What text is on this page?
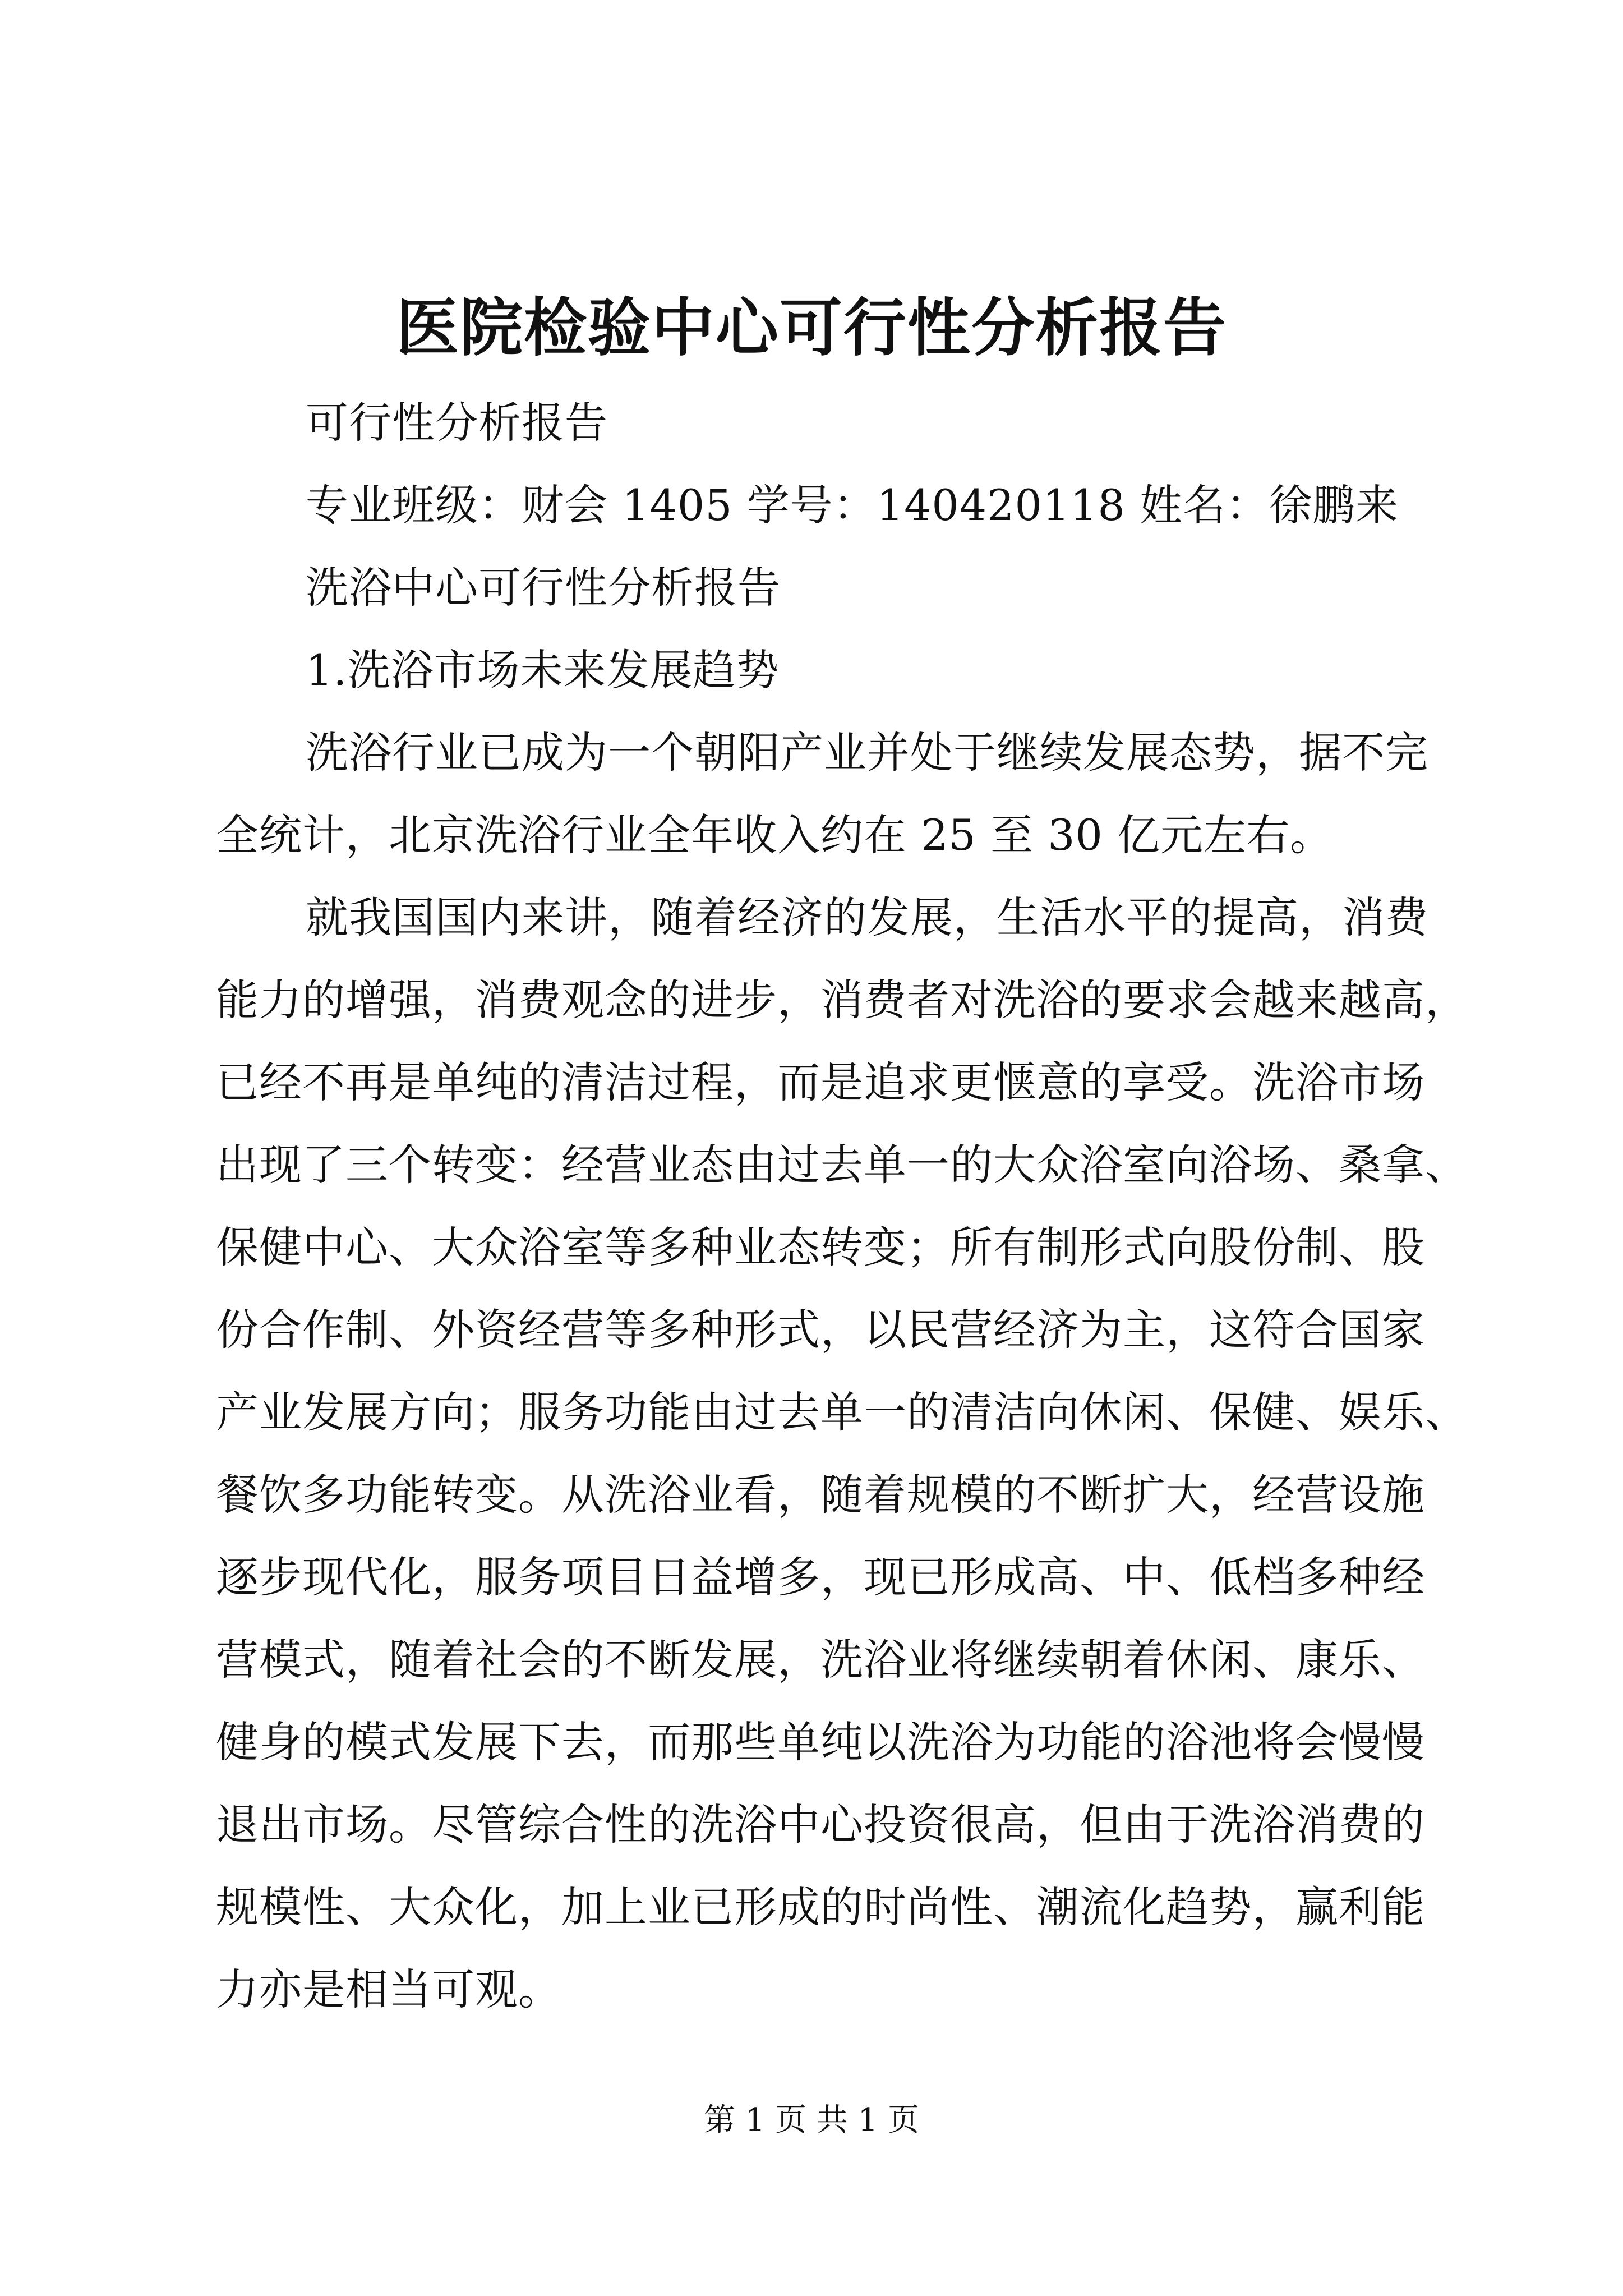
医院检验中心可行性分析报告
可行性分析报告
专业班级：财会 1405 学号：140420118 姓名：徐鹏来
洗浴中心可行性分析报告
1.洗浴市场未来发展趋势
洗浴行业已成为一个朝阳产业并处于继续发展态势，据不完
全统计，北京洗浴行业全年收入约在 25 至 30 亿元左右。
就我国国内来讲，随着经济的发展，生活水平的提高，消费
能力的增强，消费观念的进步，消费者对洗浴的要求会越来越高，
已经不再是单纯的清洁过程，而是追求更惬意的享受。洗浴市场
出现了三个转变：经营业态由过去单一的大众浴室向浴场、桑拿、
保健中心、大众浴室等多种业态转变；所有制形式向股份制、股
份合作制、外资经营等多种形式，以民营经济为主，这符合国家
产业发展方向；服务功能由过去单一的清洁向休闲、保健、娱乐、
餐饮多功能转变。从洗浴业看，随着规模的不断扩大，经营设施
逐步现代化，服务项目日益增多，现已形成高、中、低档多种经
营模式，随着社会的不断发展，洗浴业将继续朝着休闲、康乐、
健身的模式发展下去，而那些单纯以洗浴为功能的浴池将会慢慢
退出市场。尽管综合性的洗浴中心投资很高，但由于洗浴消费的
规模性、大众化，加上业已形成的时尚性、潮流化趋势，赢利能
力亦是相当可观。
第 1 页 共 1 页
